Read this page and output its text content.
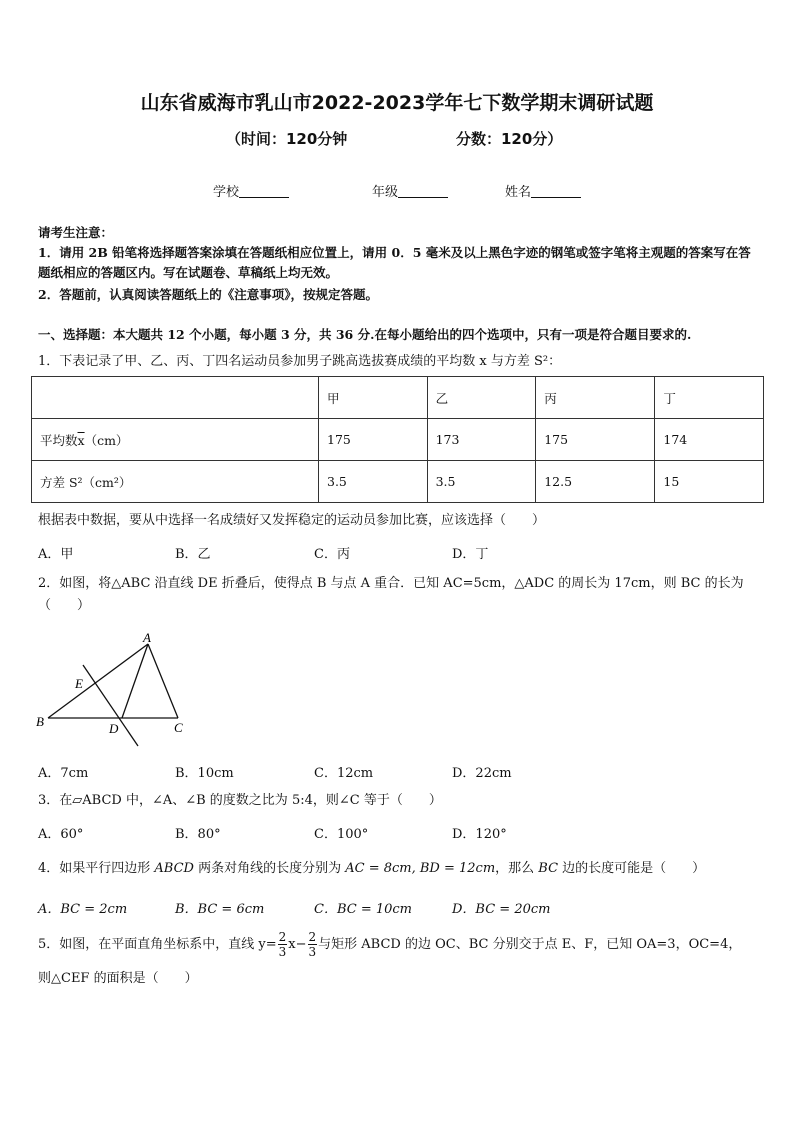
山东省威海市乳山市2022-2023学年七下数学期末调研试题
（时间：120分钟	分数：120分）
学校	年级	姓名
请考生注意：
1．请用 2B 铅笔将选择题答案涂填在答题纸相应位置上，请用 0．5 毫米及以上黑色字迹的钢笔或签字笔将主观题的答案写在答题纸相应的答题区内。写在试题卷、草稿纸上均无效。
2．答题前，认真阅读答题纸上的《注意事项》，按规定答题。
一、选择题：本大题共 12 个小题，每小题 3 分，共 36 分.在每小题给出的四个选项中，只有一项是符合题目要求的.
1．下表记录了甲、乙、丙、丁四名运动员参加男子跳高选拔赛成绩的平均数 x 与方差 S²：
	甲	乙	丙	丁
平均数$\overline{x}(cm)$	175	173	175	174
方差 S²（cm²）	3.5	3.5	12.5	15
根据表中数据，要从中选择一名成绩好又发挥稳定的运动员参加比赛，应该选择（　　）
A．甲	B．乙	C．丙	D．丁
2．如图，将△ABC 沿直线 DE 折叠后，使得点 B 与点 A 重合．已知 AC=5cm，△ADC 的周长为 17cm，则 BC 的长为（　　）
A
B	C
D
E
A．7cm	B．10cm	C．12cm	D．22cm
3．在▱ABCD 中，∠A、∠B 的度数之比为 5:4，则∠C 等于（　　）
A．60°	B．80°	C．100°	D．120°
4．如果平行四边形 ABCD 两条对角线的长度分别为 AC = 8cm, BD = 12cm，那么 BC 边的长度可能是（　　）
A．BC = 2cm	B．BC = 6cm	C．BC = 10cm	D．BC = 20cm
5．如图，在平面直角坐标系中，直线 $y= \frac{2}{3} x- \frac{2}{3}$ 与矩形 ABCD 的边 OC、BC 分别交于点 E、F，已知 OA=3，OC=4，
则△CEF 的面积是（　　）
